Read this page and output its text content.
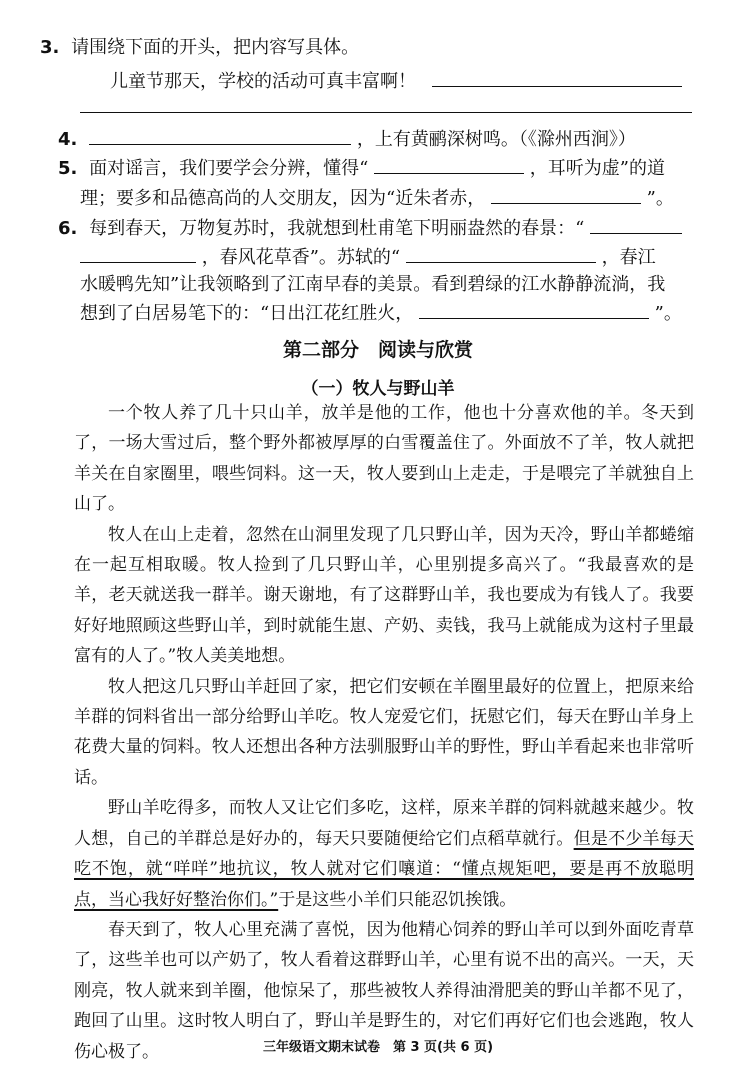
3. 请围绕下面的开头，把内容写具体。
儿童节那天，学校的活动可真丰富啊！
4.	，上有黄鹂深树鸣。（《滁州西涧》）
5. 面对谣言，我们要学会分辨，懂得“	，耳听为虚”的道
理；要多和品德高尚的人交朋友，因为“近朱者赤，	”。
6. 每到春天，万物复苏时，我就想到杜甫笔下明丽盎然的春景：“
，春风花草香”。苏轼的“	，春江
水暖鸭先知”让我领略到了江南早春的美景。看到碧绿的江水静静流淌，我
想到了白居易笔下的：“日出江花红胜火，	”。
第二部分　阅读与欣赏
（一）牧人与野山羊

一个牧人养了几十只山羊，放羊是他的工作，他也十分喜欢他的羊。冬天到了，一场大雪过后，整个野外都被厚厚的白雪覆盖住了。外面放不了羊，牧人就把羊关在自家圈里，喂些饲料。这一天，牧人要到山上走走，于是喂完了羊就独自上山了。

牧人在山上走着，忽然在山洞里发现了几只野山羊，因为天冷，野山羊都蜷缩在一起互相取暖。牧人捡到了几只野山羊，心里别提多高兴了。“我最喜欢的是羊，老天就送我一群羊。谢天谢地，有了这群野山羊，我也要成为有钱人了。我要好好地照顾这些野山羊，到时就能生崽、产奶、卖钱，我马上就能成为这村子里最富有的人了。”牧人美美地想。

牧人把这几只野山羊赶回了家，把它们安顿在羊圈里最好的位置上，把原来给羊群的饲料省出一部分给野山羊吃。牧人宠爱它们，抚慰它们，每天在野山羊身上花费大量的饲料。牧人还想出各种方法驯服野山羊的野性，野山羊看起来也非常听话。

野山羊吃得多，而牧人又让它们多吃，这样，原来羊群的饲料就越来越少。牧人想，自己的羊群总是好办的，每天只要随便给它们点稻草就行。但是不少羊每天吃不饱，就“咩咩”地抗议，牧人就对它们嚷道：“懂点规矩吧，要是再不放聪明点，当心我好好整治你们。”于是这些小羊们只能忍饥挨饿。

春天到了，牧人心里充满了喜悦，因为他精心饲养的野山羊可以到外面吃青草了，这些羊也可以产奶了，牧人看着这群野山羊，心里有说不出的高兴。一天，天刚亮，牧人就来到羊圈，他惊呆了，那些被牧人养得油滑肥美的野山羊都不见了，跑回了山里。这时牧人明白了，野山羊是野生的，对它们再好它们也会逃跑，牧人伤心极了。	三年级语文期末试卷　第 3 页(共 6 页)
